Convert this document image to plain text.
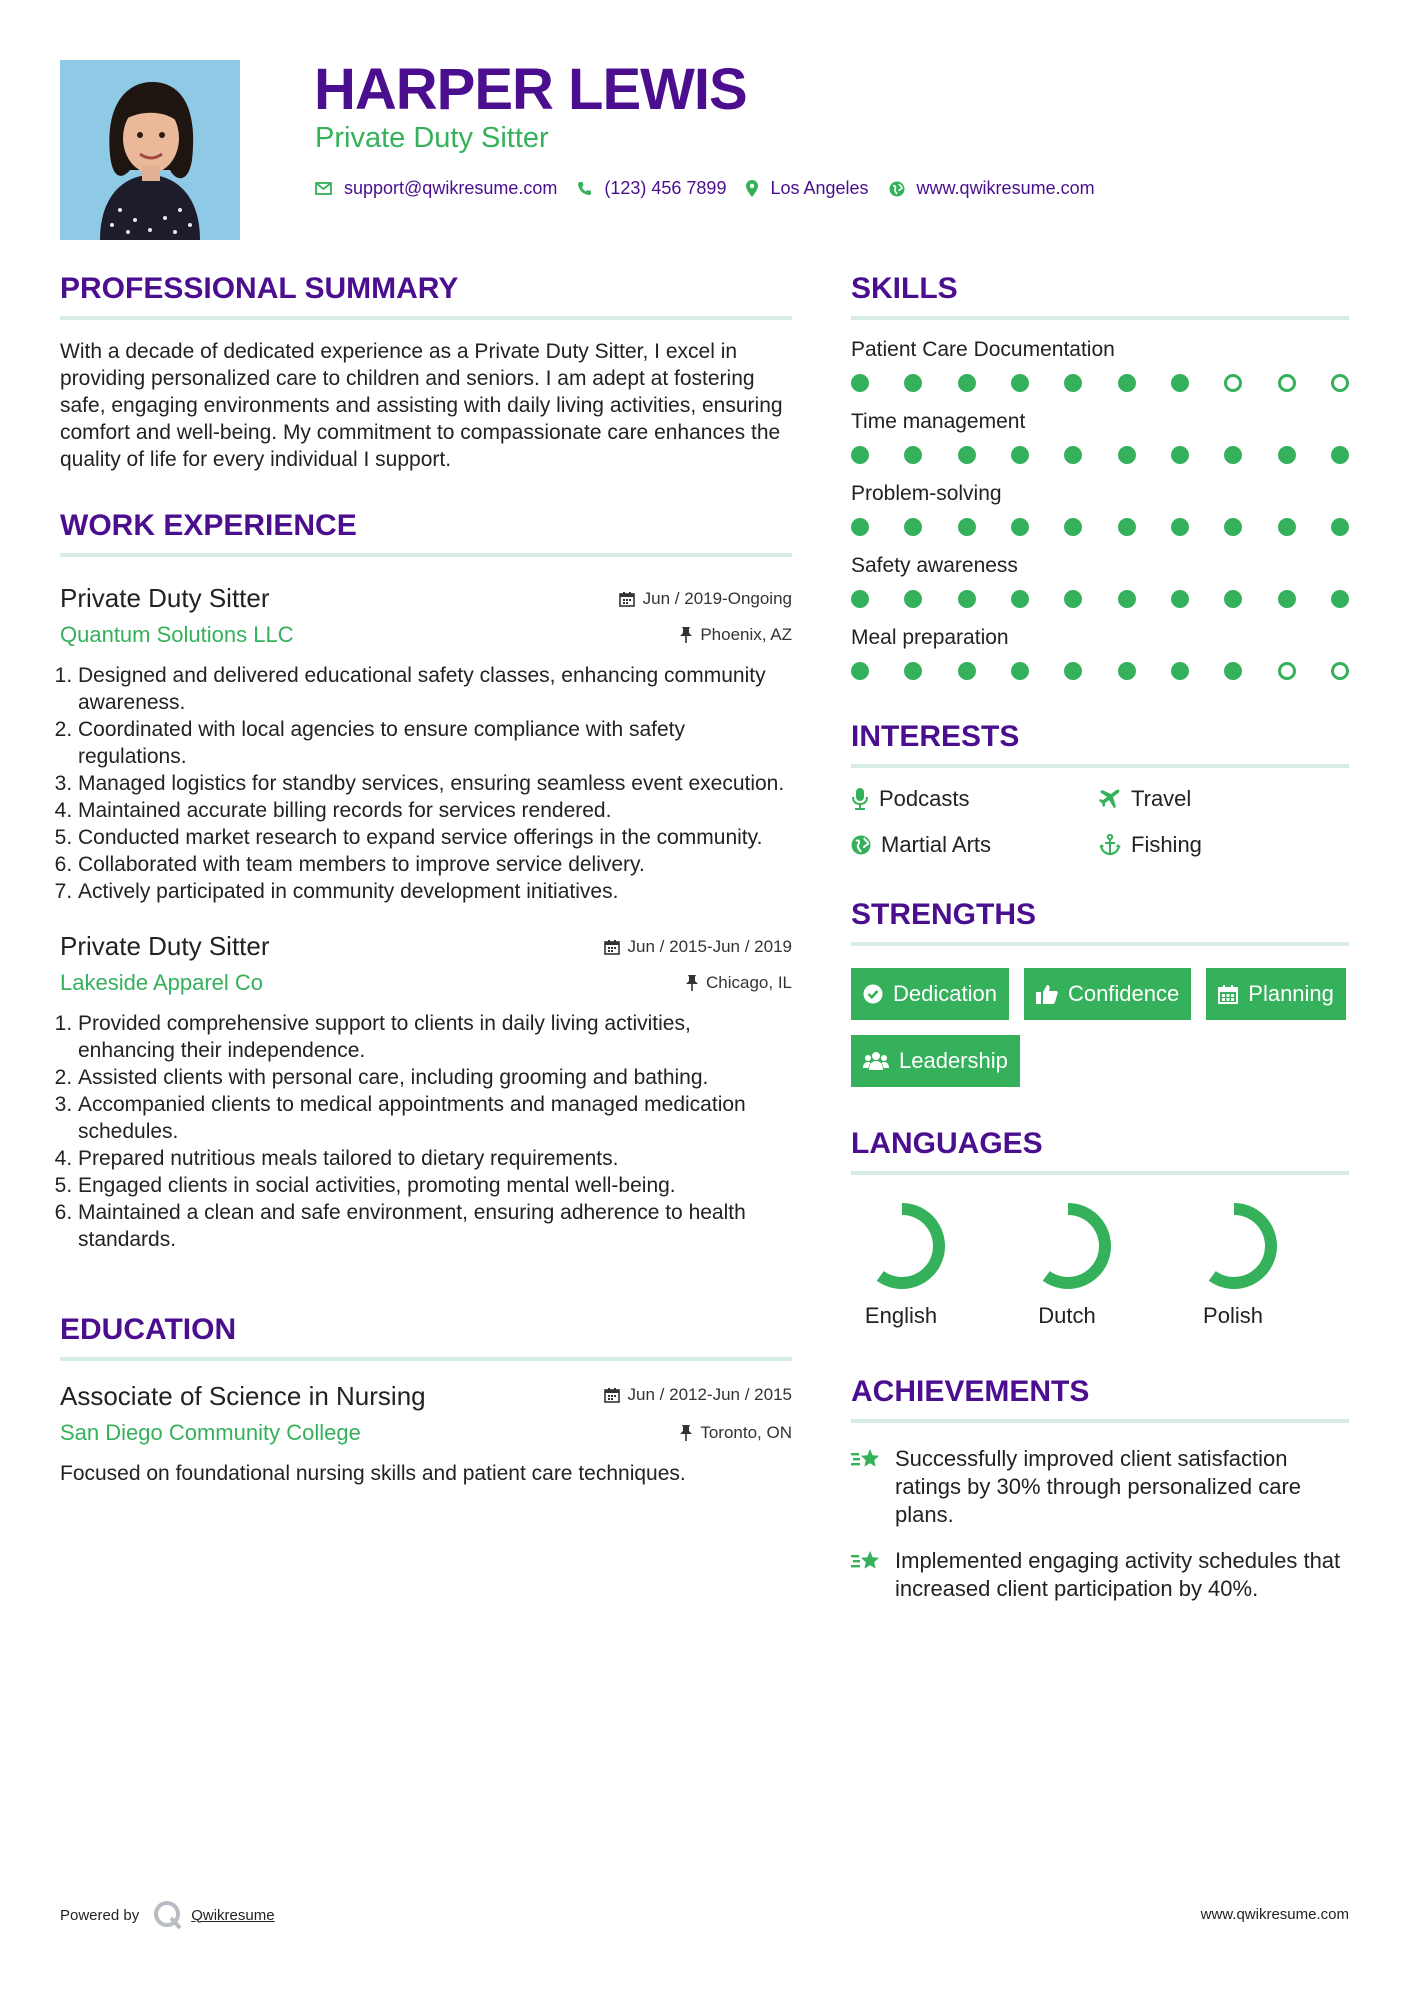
HARPER LEWIS
Private Duty Sitter
support@qwikresume.com	(123) 456 7899 Los Angeles	www.qwikresume.com
PROFESSIONAL SUMMARY

With a decade of dedicated experience as a Private Duty Sitter, I excel in providing personalized care to children and seniors. I am adept at fostering safe, engaging environments and assisting with daily living activities, ensuring comfort and well-being. My commitment to compassionate care enhances the quality of life for every individual I support.

WORK EXPERIENCE
Private Duty Sitter	Jun / 2019-Ongoing
Quantum Solutions LLC	Phoenix, AZ
1. Designed and delivered educational safety classes, enhancing community awareness.
2. Coordinated with local agencies to ensure compliance with safety regulations.
3. Managed logistics for standby services, ensuring seamless event execution.
4. Maintained accurate billing records for services rendered.
5. Conducted market research to expand service offerings in the community.
6. Collaborated with team members to improve service delivery.
7. Actively participated in community development initiatives.
Private Duty Sitter	Jun / 2015-Jun / 2019
Lakeside Apparel Co	Chicago, IL
1. Provided comprehensive support to clients in daily living activities, enhancing their independence.
2. Assisted clients with personal care, including grooming and bathing.
3. Accompanied clients to medical appointments and managed medication schedules.
4. Prepared nutritious meals tailored to dietary requirements.
5. Engaged clients in social activities, promoting mental well-being.
6. Maintained a clean and safe environment, ensuring adherence to health standards.
EDUCATION
Associate of Science in Nursing	Jun / 2012-Jun / 2015
San Diego Community College	Toronto, ON

Focused on foundational nursing skills and patient care techniques.

SKILLS
Patient Care Documentation
Time management
Problem-solving
Safety awareness
Meal preparation
INTERESTS
Podcasts	Travel
Martial Arts	Fishing
STRENGTHS
Dedication	Confidence	Planning
Leadership
LANGUAGES
English	Dutch	Polish
ACHIEVEMENTS
Successfully improved client satisfaction ratings by 30% through personalized care plans.
Implemented engaging activity schedules that increased client participation by 40%.
Powered by	Qwikresume	www.qwikresume.com
